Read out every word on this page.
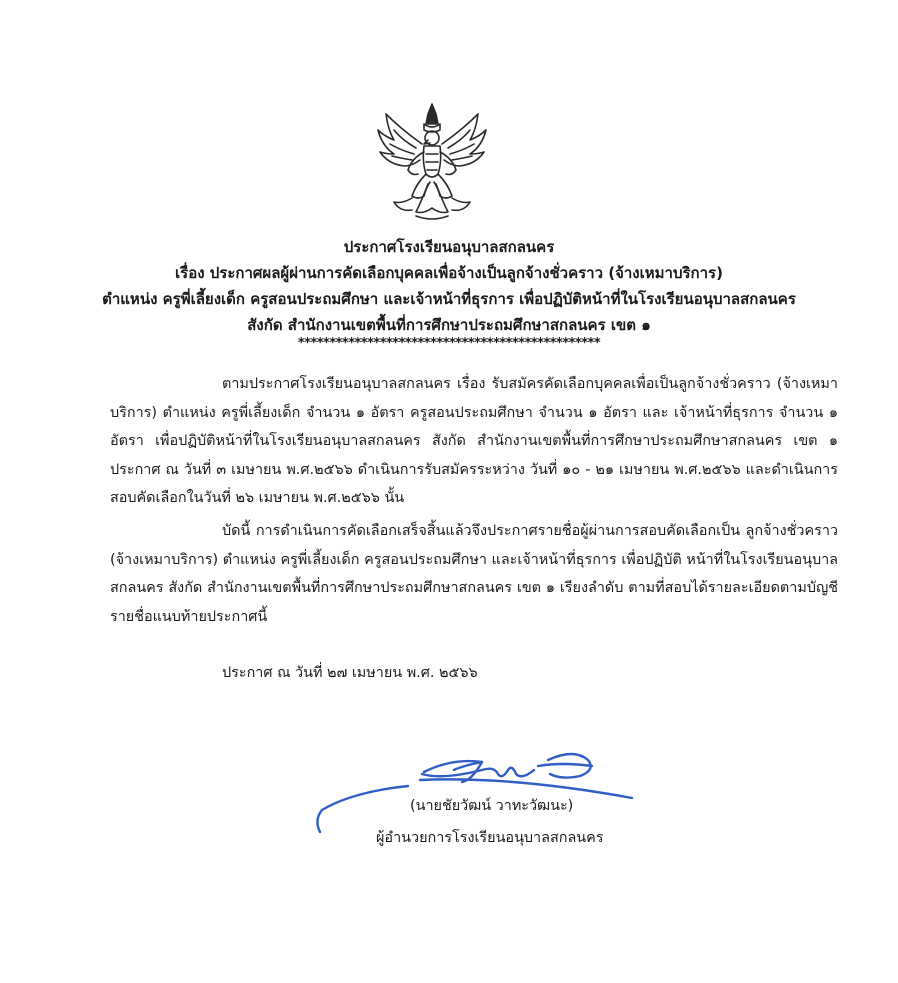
ประกาศโรงเรียนอนุบาลสกลนคร
เรื่อง ประกาศผลผู้ผ่านการคัดเลือกบุคคลเพื่อจ้างเป็นลูกจ้างชั่วคราว (จ้างเหมาบริการ)
ตำแหน่ง ครูพี่เลี้ยงเด็ก ครูสอนประถมศึกษา และเจ้าหน้าที่ธุรการ เพื่อปฏิบัติหน้าที่ในโรงเรียนอนุบาลสกลนคร
สังกัด สำนักงานเขตพื้นที่การศึกษาประถมศึกษาสกลนคร เขต ๑
************************************************
ตามประกาศโรงเรียนอนุบาลสกลนคร เรื่อง รับสมัครคัดเลือกบุคคลเพื่อเป็นลูกจ้างชั่วคราว (จ้างเหมาบริการ) ตำแหน่ง ครูพี่เลี้ยงเด็ก จำนวน ๑ อัตรา ครูสอนประถมศึกษา จำนวน ๑ อัตรา และ เจ้าหน้าที่ธุรการ จำนวน ๑ อัตรา เพื่อปฏิบัติหน้าที่ในโรงเรียนอนุบาลสกลนคร สังกัด สำนักงานเขตพื้นที่การศึกษาประถมศึกษาสกลนคร เขต ๑ ประกาศ ณ วันที่ ๓ เมษายน พ.ศ.๒๕๖๖ ดำเนินการรับสมัครระหว่าง วันที่ ๑๐ - ๒๑ เมษายน พ.ศ.๒๕๖๖ และดำเนินการสอบคัดเลือกในวันที่ ๒๖ เมษายน พ.ศ.๒๕๖๖ นั้น
บัดนี้ การดำเนินการคัดเลือกเสร็จสิ้นแล้วจึงประกาศรายชื่อผู้ผ่านการสอบคัดเลือกเป็น ลูกจ้างชั่วคราว (จ้างเหมาบริการ) ตำแหน่ง ครูพี่เลี้ยงเด็ก ครูสอนประถมศึกษา และเจ้าหน้าที่ธุรการ เพื่อปฏิบัติ หน้าที่ในโรงเรียนอนุบาลสกลนคร สังกัด สำนักงานเขตพื้นที่การศึกษาประถมศึกษาสกลนคร เขต ๑ เรียงลำดับ ตามที่สอบได้รายละเอียดตามบัญชีรายชื่อแนบท้ายประกาศนี้
ประกาศ ณ วันที่ ๒๗ เมษายน พ.ศ. ๒๕๖๖
(นายชัยวัฒน์ วาทะวัฒนะ)
ผู้อำนวยการโรงเรียนอนุบาลสกลนคร
